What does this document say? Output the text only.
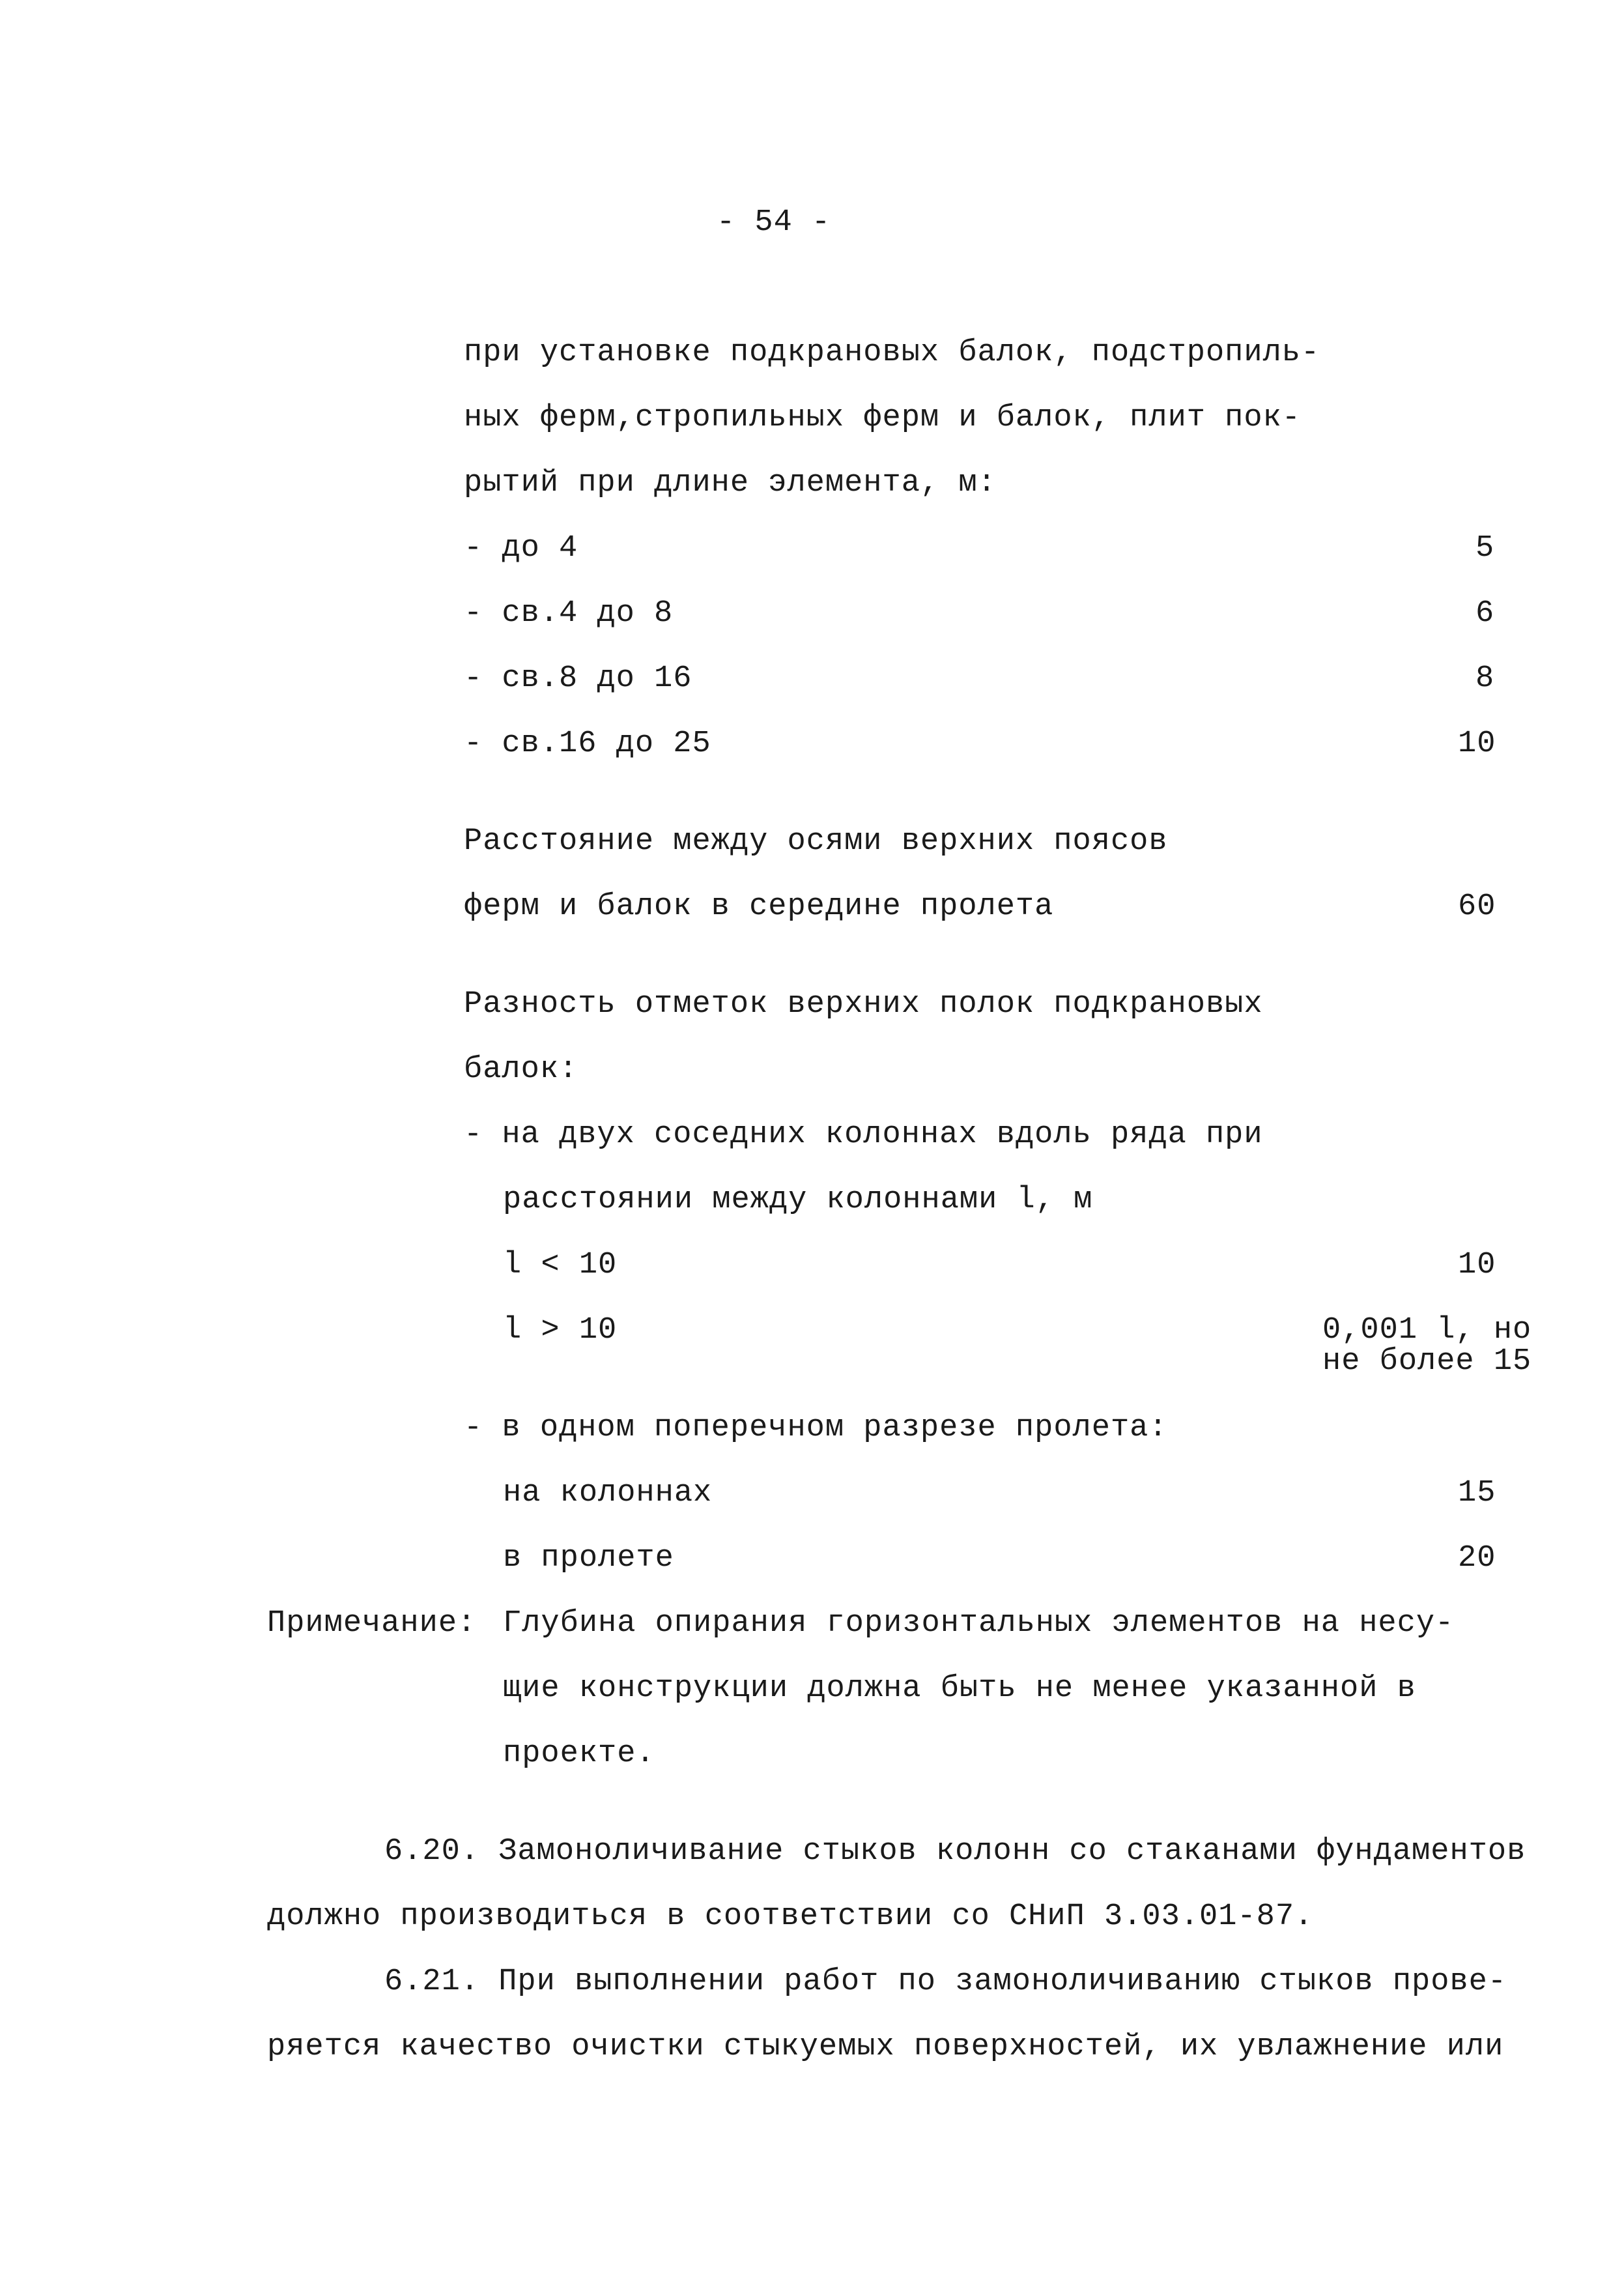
- 54 -
при установке подкрановых балок, подстропиль-
ных ферм,стропильных ферм и балок, плит пок-
рытий при длине элемента, м:
- до 4	5
- св.4 до 8	6
- св.8 до 16	8
- св.16 до 25	10
Расстояние между осями верхних поясов
ферм и балок в середине пролета	60
Разность отметок верхних полок подкрановых
балок:
- на двух соседних колоннах вдоль ряда при
расстоянии между колоннами l, м
l < 10	10
l > 10	0,001 l, но
не более 15
- в одном поперечном разрезе пролета:
на колоннах	15
в пролете	20
Примечание: Глубина опирания горизонтальных элементов на несу-
щие конструкции должна быть не менее указанной в
проекте.
6.20. Замоноличивание стыков колонн со стаканами фундаментов
должно производиться в соответствии со СНиП 3.03.01-87.
6.21. При выполнении работ по замоноличиванию стыков прове-
ряется качество очистки стыкуемых поверхностей, их увлажнение или
